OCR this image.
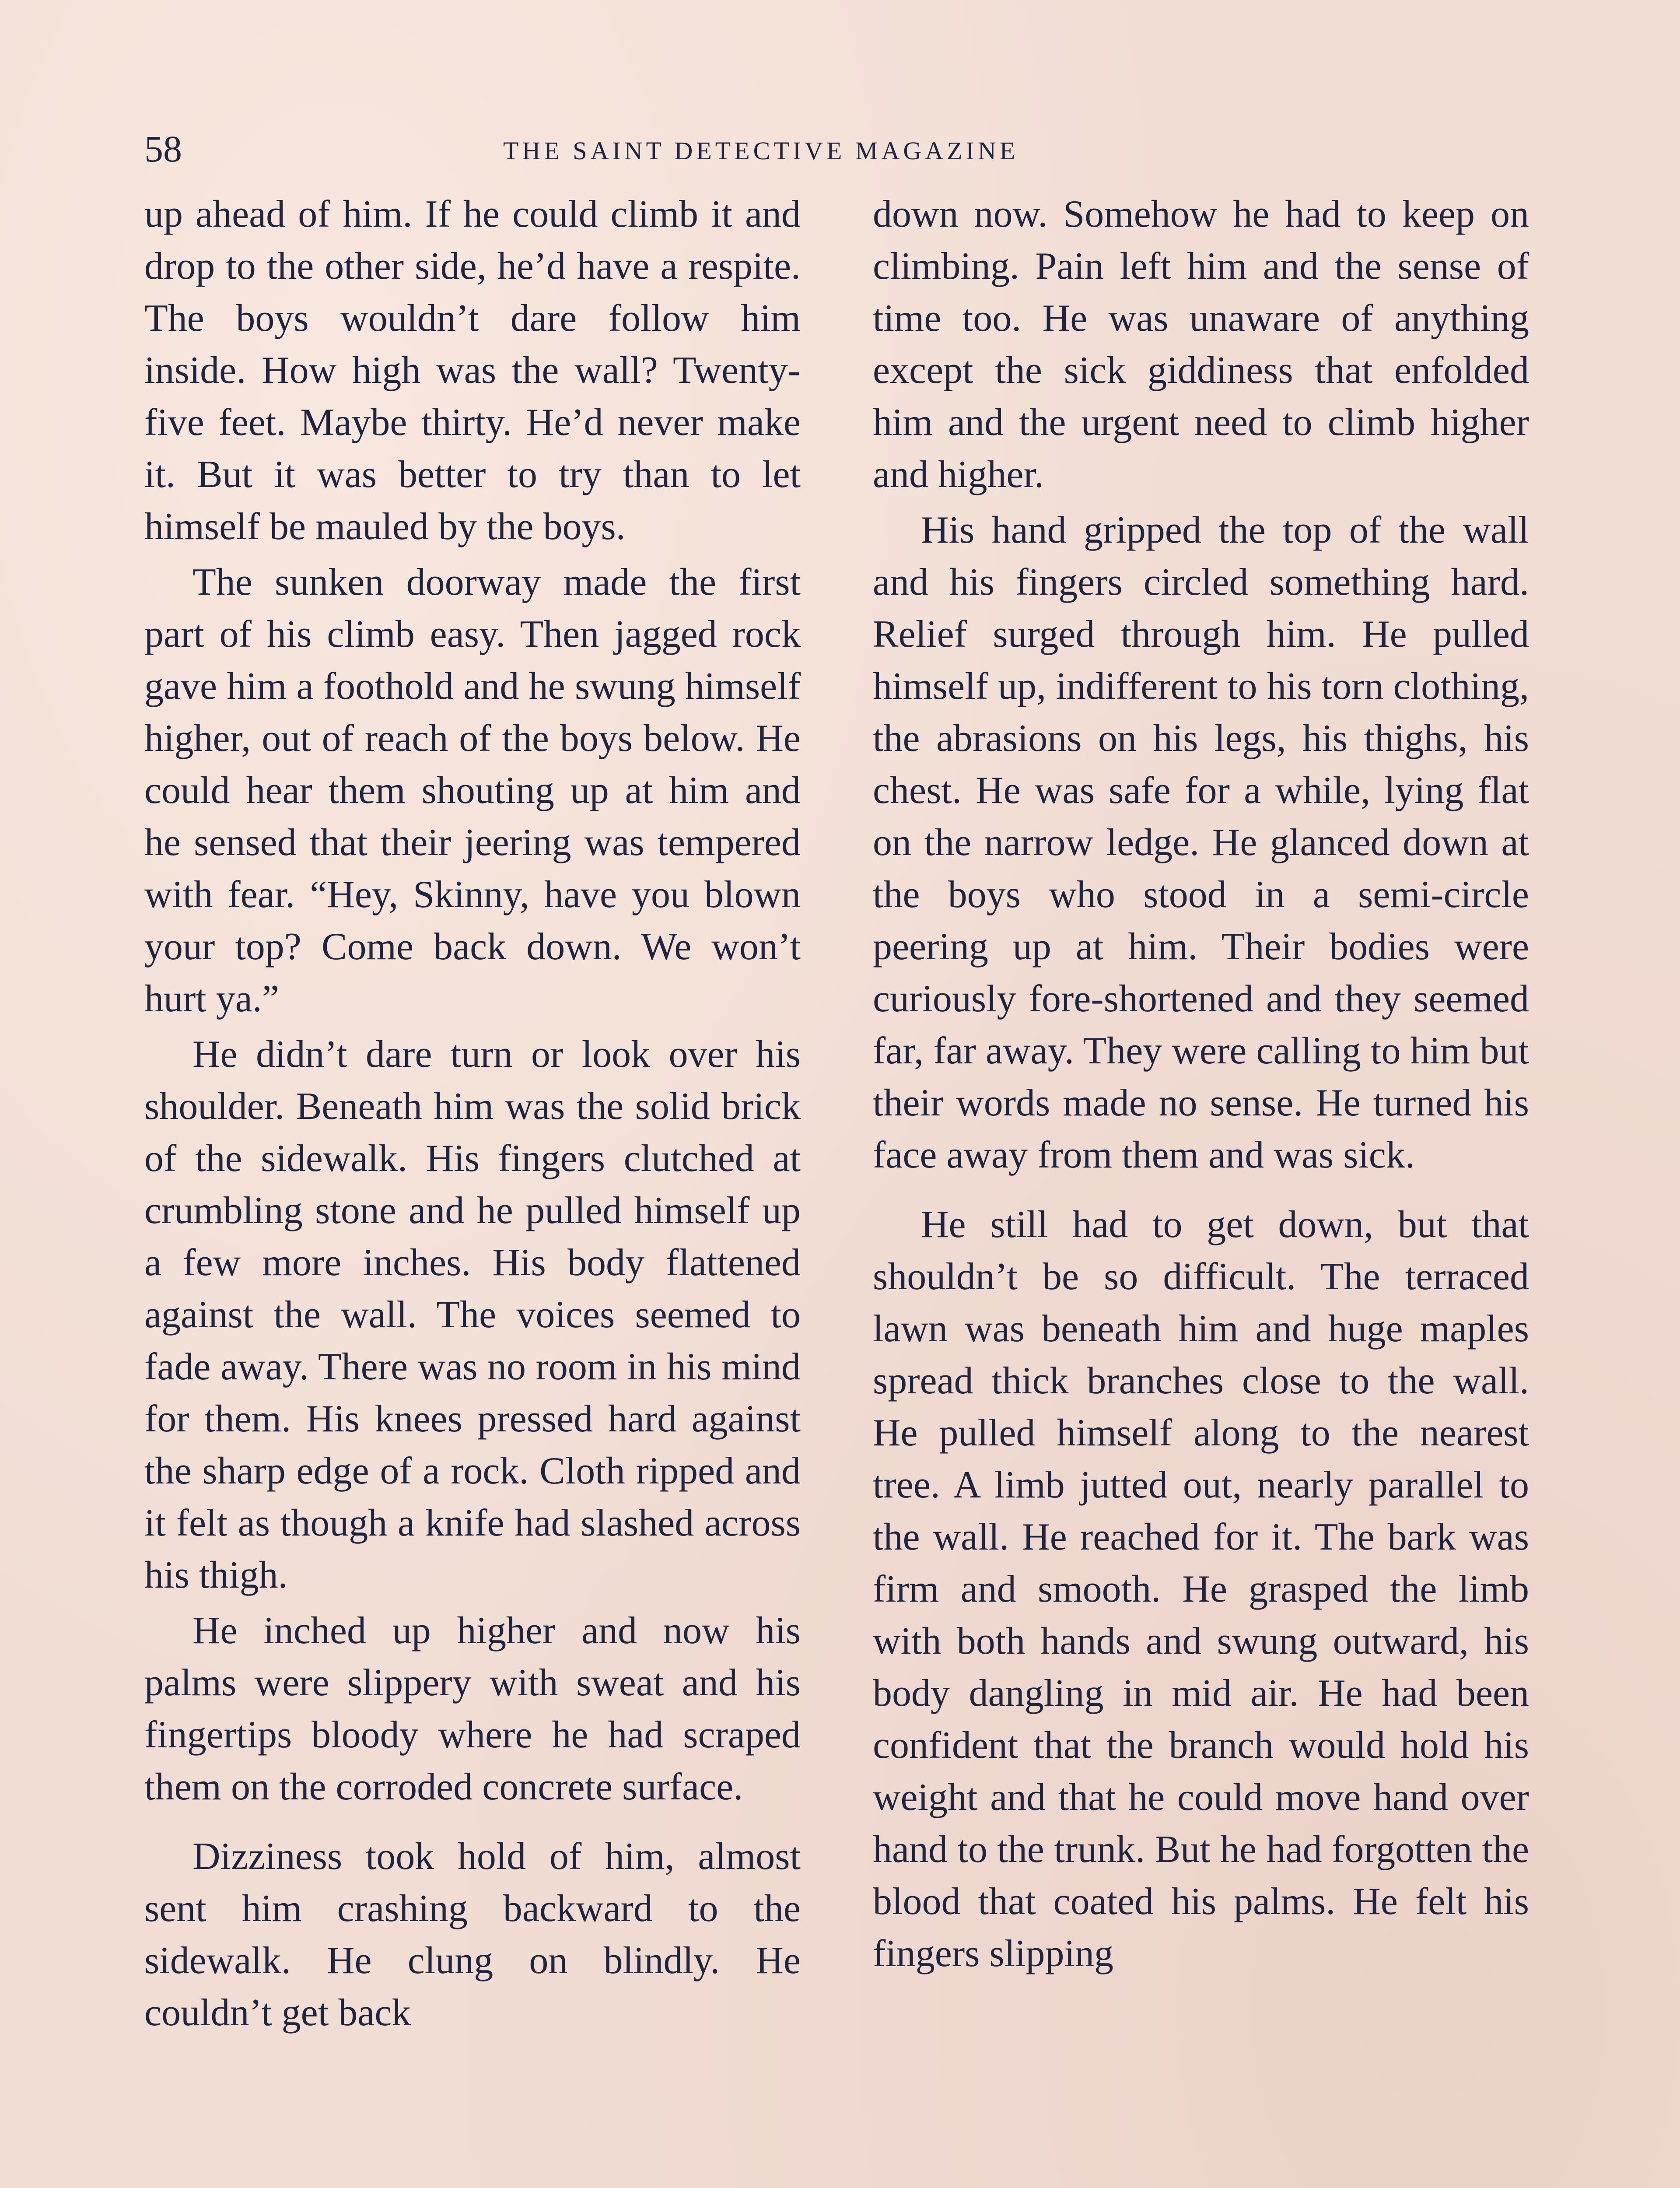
58	THE SAINT DETECTIVE MAGAZINE

up ahead of him. If he could climb it and drop to the other side, he’d have a respite. The boys wouldn’t dare follow him inside. How high was the wall? Twenty-five feet. Maybe thirty. He’d never make it. But it was better to try than to let himself be mauled by the boys.

The sunken doorway made the first part of his climb easy. Then jagged rock gave him a foothold and he swung himself higher, out of reach of the boys below. He could hear them shouting up at him and he sensed that their jeering was tempered with fear. “Hey, Skinny, have you blown your top? Come back down. We won’t hurt ya.”

He didn’t dare turn or look over his shoulder. Beneath him was the solid brick of the sidewalk. His fingers clutched at crumbling stone and he pulled himself up a few more inches. His body flattened against the wall. The voices seemed to fade away. There was no room in his mind for them. His knees pressed hard against the sharp edge of a rock. Cloth ripped and it felt as though a knife had slashed across his thigh.

He inched up higher and now his palms were slippery with sweat and his fingertips bloody where he had scraped them on the corroded concrete surface.

Dizziness took hold of him, almost sent him crashing backward to the sidewalk. He clung on blindly. He couldn’t get back

down now. Somehow he had to keep on climbing. Pain left him and the sense of time too. He was unaware of anything except the sick giddiness that enfolded him and the urgent need to climb higher and higher.

His hand gripped the top of the wall and his fingers circled something hard. Relief surged through him. He pulled himself up, indifferent to his torn clothing, the abrasions on his legs, his thighs, his chest. He was safe for a while, lying flat on the narrow ledge. He glanced down at the boys who stood in a semi-circle peering up at him. Their bodies were curiously fore-shortened and they seemed far, far away. They were calling to him but their words made no sense. He turned his face away from them and was sick.

He still had to get down, but that shouldn’t be so difficult. The terraced lawn was beneath him and huge maples spread thick branches close to the wall. He pulled himself along to the nearest tree. A limb jutted out, nearly parallel to the wall. He reached for it. The bark was firm and smooth. He grasped the limb with both hands and swung outward, his body dangling in mid air. He had been confident that the branch would hold his weight and that he could move hand over hand to the trunk. But he had forgotten the blood that coated his palms. He felt his fingers slipping
